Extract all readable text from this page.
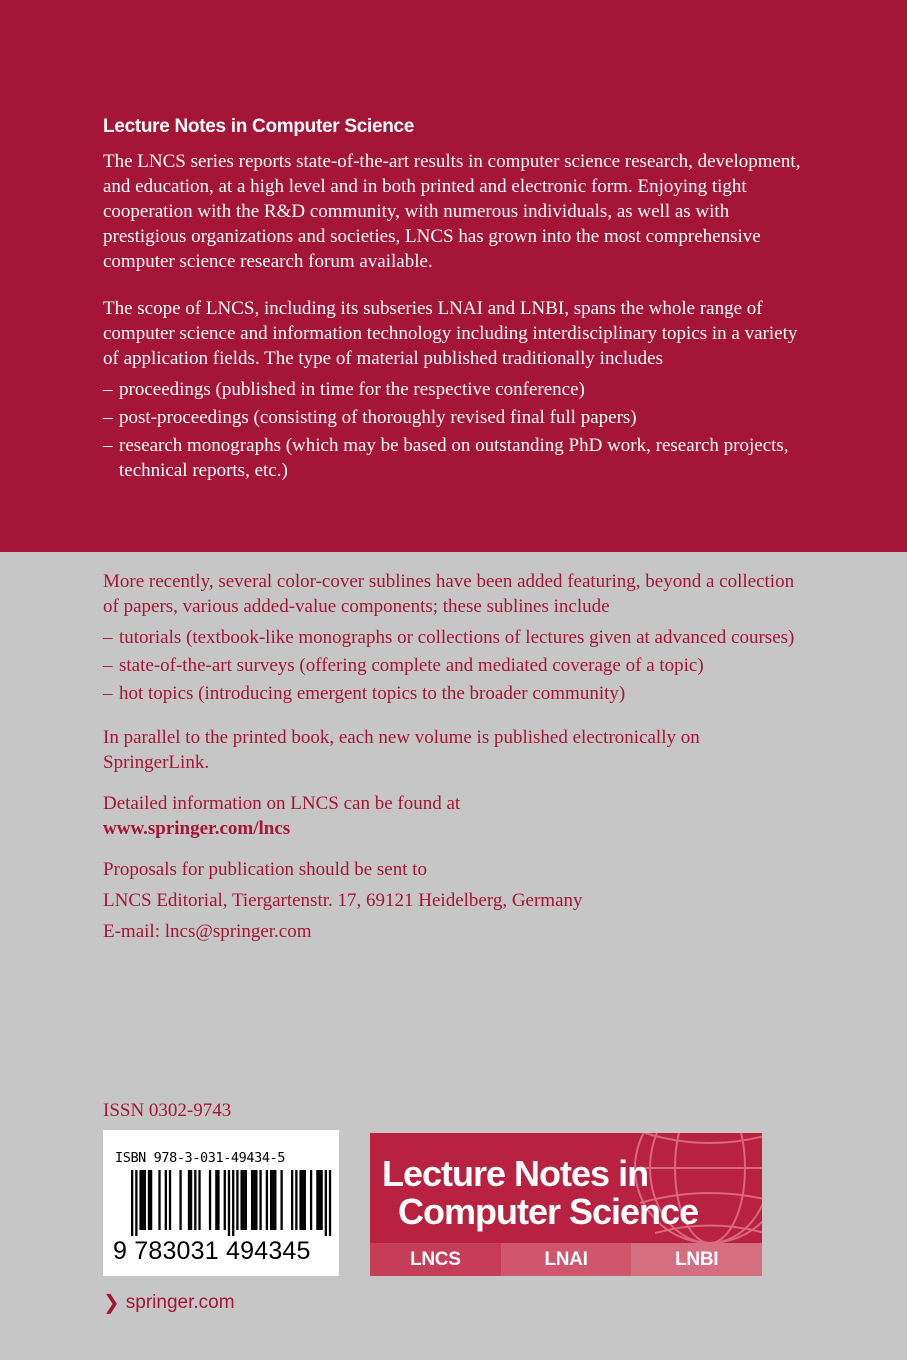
Lecture Notes in Computer Science

The LNCS series reports state-of-the-art results in computer science research, development, and education, at a high level and in both printed and electronic form. Enjoying tight cooperation with the R&D community, with numerous individuals, as well as with prestigious organizations and societies, LNCS has grown into the most comprehensive computer science research forum available.

The scope of LNCS, including its subseries LNAI and LNBI, spans the whole range of computer science and information technology including interdisciplinary topics in a variety of application fields. The type of material published traditionally includes

– proceedings (published in time for the respective conference)
– post-proceedings (consisting of thoroughly revised final full papers)
– research monographs (which may be based on outstanding PhD work, research projects, technical reports, etc.)

More recently, several color-cover sublines have been added featuring, beyond a collection of papers, various added-value components; these sublines include

– tutorials (textbook-like monographs or collections of lectures given at advanced courses)
– state-of-the-art surveys (offering complete and mediated coverage of a topic)
– hot topics (introducing emergent topics to the broader community)

In parallel to the printed book, each new volume is published electronically on SpringerLink.

Detailed information on LNCS can be found at

www.springer.com/lncs

Proposals for publication should be sent to

LNCS Editorial, Tiergartenstr. 17, 69121 Heidelberg, Germany

E-mail: lncs@springer.com

ISSN 0302-9743
ISBN 978-3-031-49434-5
9 783031 494345
Lecture Notes in
Computer Science
LNCS	LNAI	LNBI
❯ springer.com
